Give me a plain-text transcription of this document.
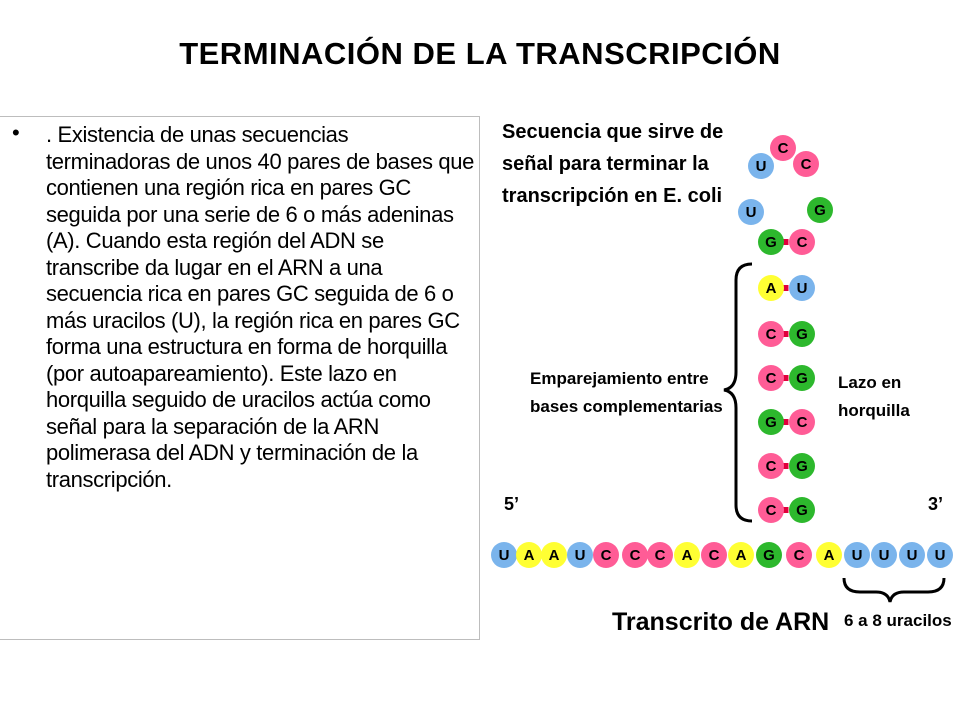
TERMINACIÓN DE LA TRANSCRIPCIÓN
• . Existencia de unas secuencias terminadoras de unos 40 pares de bases que contienen una región rica en pares GC seguida por una serie de 6 o más adeninas (A). Cuando esta región del ADN se transcribe da lugar en el ARN a una secuencia rica en pares GC seguida de 6 o más uracilos (U), la región rica en pares GC forma una estructura en forma de horquilla (por autoapareamiento). Este lazo en horquilla seguido de uracilos actúa como señal para la separación de la ARN polimerasa del ADN y terminación de la transcripción.

Secuencia que sirve de
señal para terminar la
transcripción en E. coli
Emparejamiento entre
bases complementarias
Lazo en
horquilla
5’	3’
U A A U C C C A C A G C A U U U U
C
C
G
C
C
A
G
G
G
C
G
G
U
C
U
U
C
C
G
Transcrito de ARN 6 a 8 uracilos
